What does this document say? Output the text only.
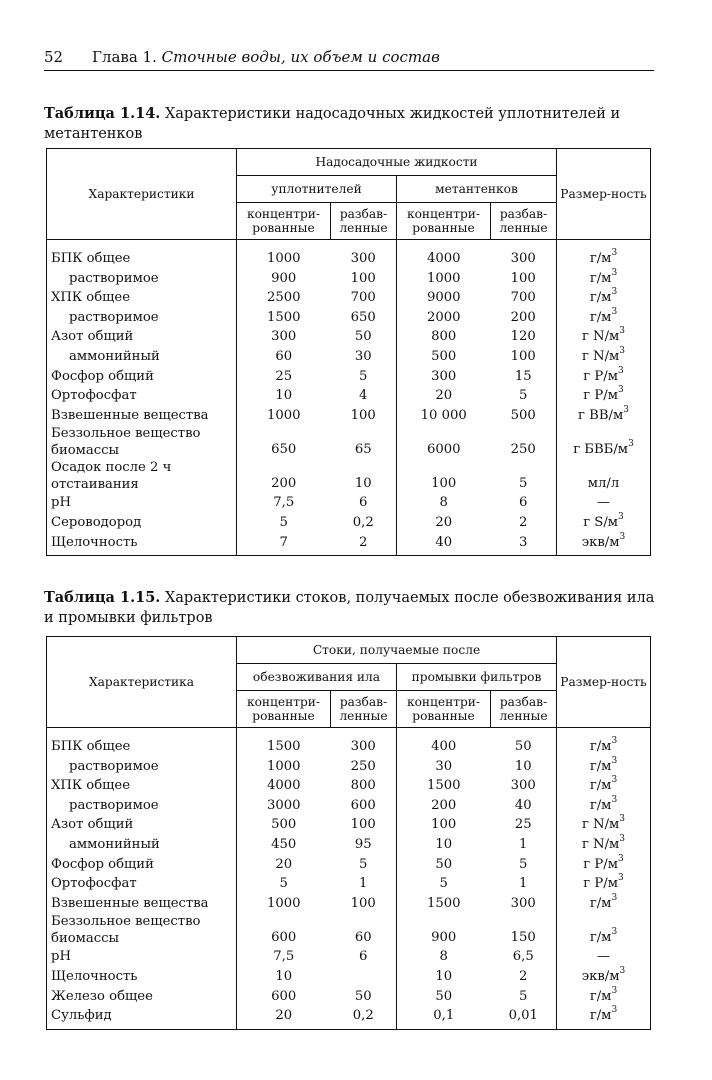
52 Глава 1. Сточные воды, их объем и состав
Таблица 1.14. Характеристики надосадочных жидкостей уплотнителей и метантенков
Характеристики	Надосадочные жидкости				Размер-ность
	уплотнителей		метантенков		
	концентри-рованные	разбав-ленные	концентри-рованные	разбав-ленные	
БПК общее	1000	300	4000	300	$г/м^3$
растворимое	900	100	1000	100	$г/м^3$
ХПК общее	2500	700	9000	700	$г/м^3$
растворимое	1500	650	2000	200	$г/м^3$
Азот общий	300	50	800	120	г $N/м^3$
аммонийный	60	30	500	100	г $N/м^3$
Фосфор общий	25	5	300	15	г $P/м^3$
Ортофосфат	10	4	20	5	г $P/м^3$
Взвешенные вещества	1000	100	10 000	500	г $ВВ/м^3$
Беззольное вещество биомассы	650	65	6000	250	г БВБ/$м^3$
Осадок после 2 ч отстаивания	200	10	100	5	мл/л
pH	7,5	6	8	6	—
Сероводород	5	0,2	20	2	г $S/м^3$
Щелочность	7	2	40	3	экв/$м^3$
Таблица 1.15. Характеристики стоков, получаемых после обезвоживания ила и промывки фильтров
Характеристика	Стоки, получаемые после				Размер-ность
	обезвоживания ила		промывки фильтров		
	концентри-рованные	разбав-ленные	концентри-рованные	разбав-ленные	
БПК общее	1500	300	400	50	$г/м^3$
растворимое	1000	250	30	10	$г/м^3$
ХПК общее	4000	800	1500	300	$г/м^3$
растворимое	3000	600	200	40	$г/м^3$
Азот общий	500	100	100	25	г $N/м^3$
аммонийный	450	95	10	1	г $N/м^3$
Фосфор общий	20	5	50	5	г $P/м^3$
Ортофосфат	5	1	5	1	г $P/м^3$
Взвешенные вещества	1000	100	1500	300	$г/м^3$
Беззольное вещество биомассы	600	60	900	150	$г/м^3$
pH	7,5	6	8	6,5	—
Щелочность	10		10	2	экв/$м^3$
Железо общее	600	50	50	5	$г/м^3$
Сульфид	20	0,2	0,1	0,01	$г/м^3$
